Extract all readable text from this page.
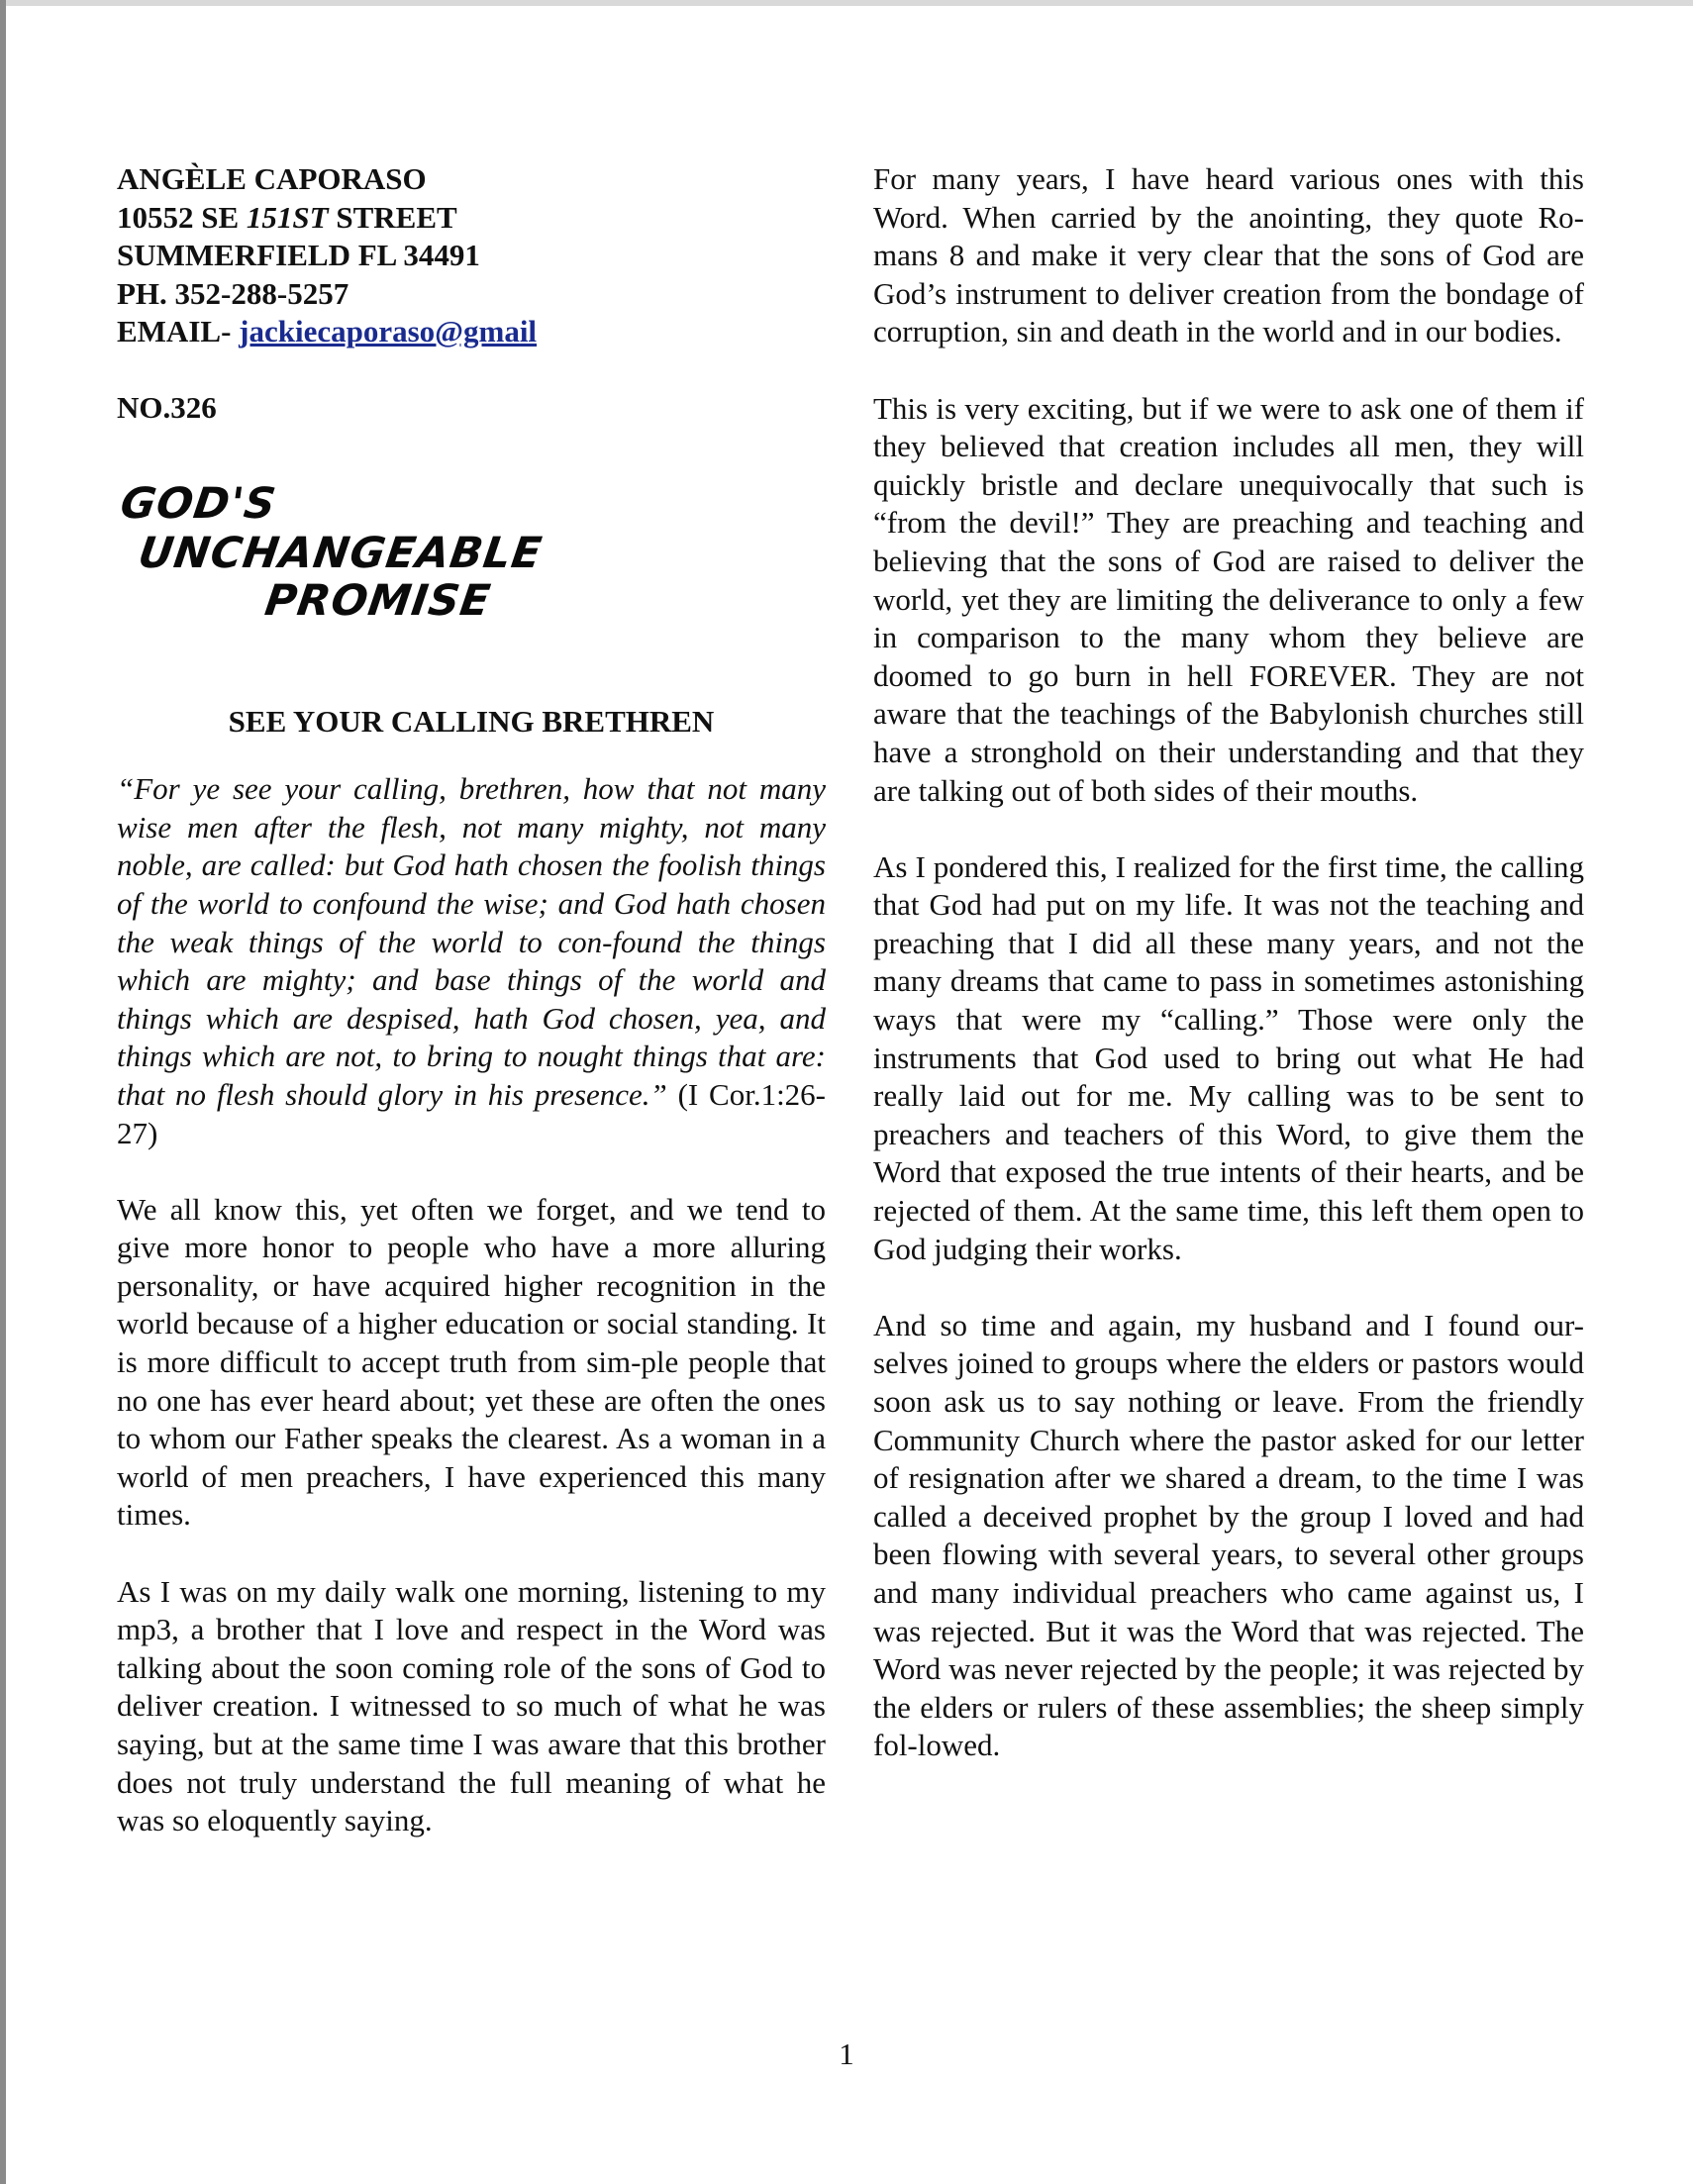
ANGÈLE CAPORASO

10552 SE 151ST STREET

SUMMERFIELD FL 34491

PH. 352-288-5257

EMAIL- jackiecaporaso@gmail

NO.326

GOD'S
UNCHANGEABLE
PROMISE
SEE YOUR CALLING BRETHREN

“For ye see your calling, brethren, how that not many wise men after the flesh, not many mighty, not many noble, are called: but God hath chosen the foolish things of the world to confound the wise; and God hath chosen the weak things of the world to con-found the things which are mighty; and base things of the world and things which are despised, hath God chosen, yea, and things which are not, to bring to nought things that are: that no flesh should glory in his presence.” (I Cor.1:26-27)

We all know this, yet often we forget, and we tend to give more honor to people who have a more alluring personality, or have acquired higher recognition in the world because of a higher education or social standing. It is more difficult to accept truth from sim-ple people that no one has ever heard about; yet these are often the ones to whom our Father speaks the clearest. As a woman in a world of men preachers, I have experienced this many times.

As I was on my daily walk one morning, listening to my mp3, a brother that I love and respect in the Word was talking about the soon coming role of the sons of God to deliver creation. I witnessed to so much of what he was saying, but at the same time I was aware that this brother does not truly understand the full meaning of what he was so eloquently saying.

For many years, I have heard various ones with this Word. When carried by the anointing, they quote Ro-mans 8 and make it very clear that the sons of God are God’s instrument to deliver creation from the bondage of corruption, sin and death in the world and in our bodies.

This is very exciting, but if we were to ask one of them if they believed that creation includes all men, they will quickly bristle and declare unequivocally that such is “from the devil!” They are preaching and teaching and believing that the sons of God are raised to deliver the world, yet they are limiting the deliverance to only a few in comparison to the many whom they believe are doomed to go burn in hell FOREVER. They are not aware that the teachings of the Babylonish churches still have a stronghold on their understanding and that they are talking out of both sides of their mouths.

As I pondered this, I realized for the first time, the calling that God had put on my life. It was not the teaching and preaching that I did all these many years, and not the many dreams that came to pass in sometimes astonishing ways that were my “calling.” Those were only the instruments that God used to bring out what He had really laid out for me. My calling was to be sent to preachers and teachers of this Word, to give them the Word that exposed the true intents of their hearts, and be rejected of them. At the same time, this left them open to God judging their works.

And so time and again, my husband and I found our-selves joined to groups where the elders or pastors would soon ask us to say nothing or leave. From the friendly Community Church where the pastor asked for our letter of resignation after we shared a dream, to the time I was called a deceived prophet by the group I loved and had been flowing with several years, to several other groups and many individual preachers who came against us, I was rejected. But it was the Word that was rejected. The Word was never rejected by the people; it was rejected by the elders or rulers of these assemblies; the sheep simply fol-lowed.

1
